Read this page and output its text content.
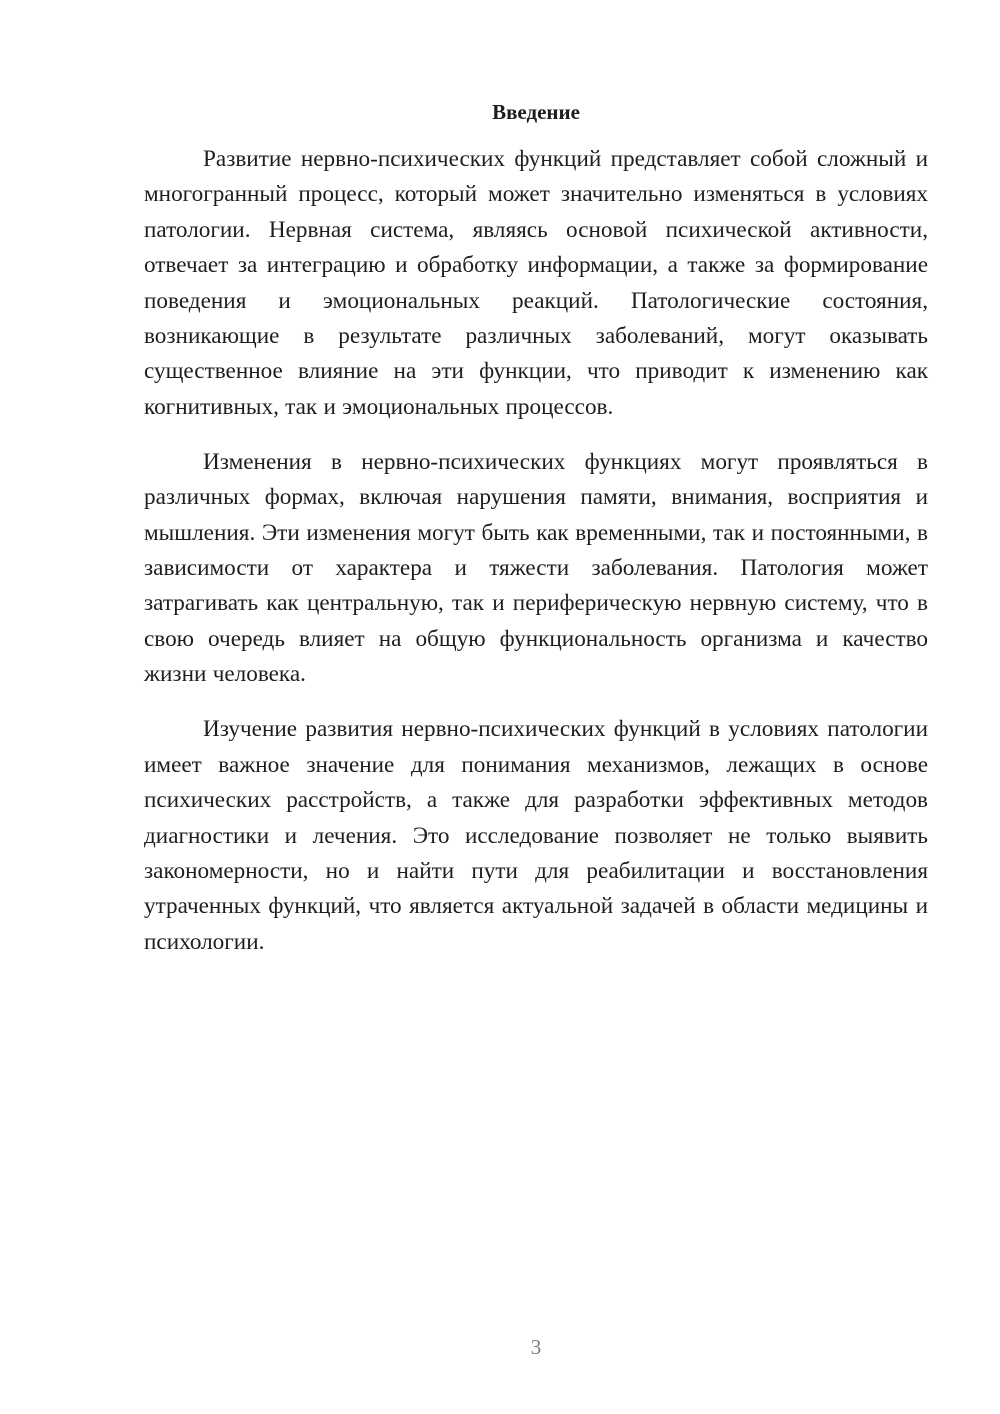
Введение

Развитие нервно-психических функций представляет собой сложный и многогранный процесс, который может значительно изменяться в условиях патологии. Нервная система, являясь основой психической активности, отвечает за интеграцию и обработку информации, а также за формирование поведения и эмоциональных реакций. Патологические состояния, возникающие в результате различных заболеваний, могут оказывать существенное влияние на эти функции, что приводит к изменению как когнитивных, так и эмоциональных процессов.

Изменения в нервно-психических функциях могут проявляться в различных формах, включая нарушения памяти, внимания, восприятия и мышления. Эти изменения могут быть как временными, так и постоянными, в зависимости от характера и тяжести заболевания. Патология может затрагивать как центральную, так и периферическую нервную систему, что в свою очередь влияет на общую функциональность организма и качество жизни человека.

Изучение развития нервно-психических функций в условиях патологии имеет важное значение для понимания механизмов, лежащих в основе психических расстройств, а также для разработки эффективных методов диагностики и лечения. Это исследование позволяет не только выявить закономерности, но и найти пути для реабилитации и восстановления утраченных функций, что является актуальной задачей в области медицины и психологии.

3
